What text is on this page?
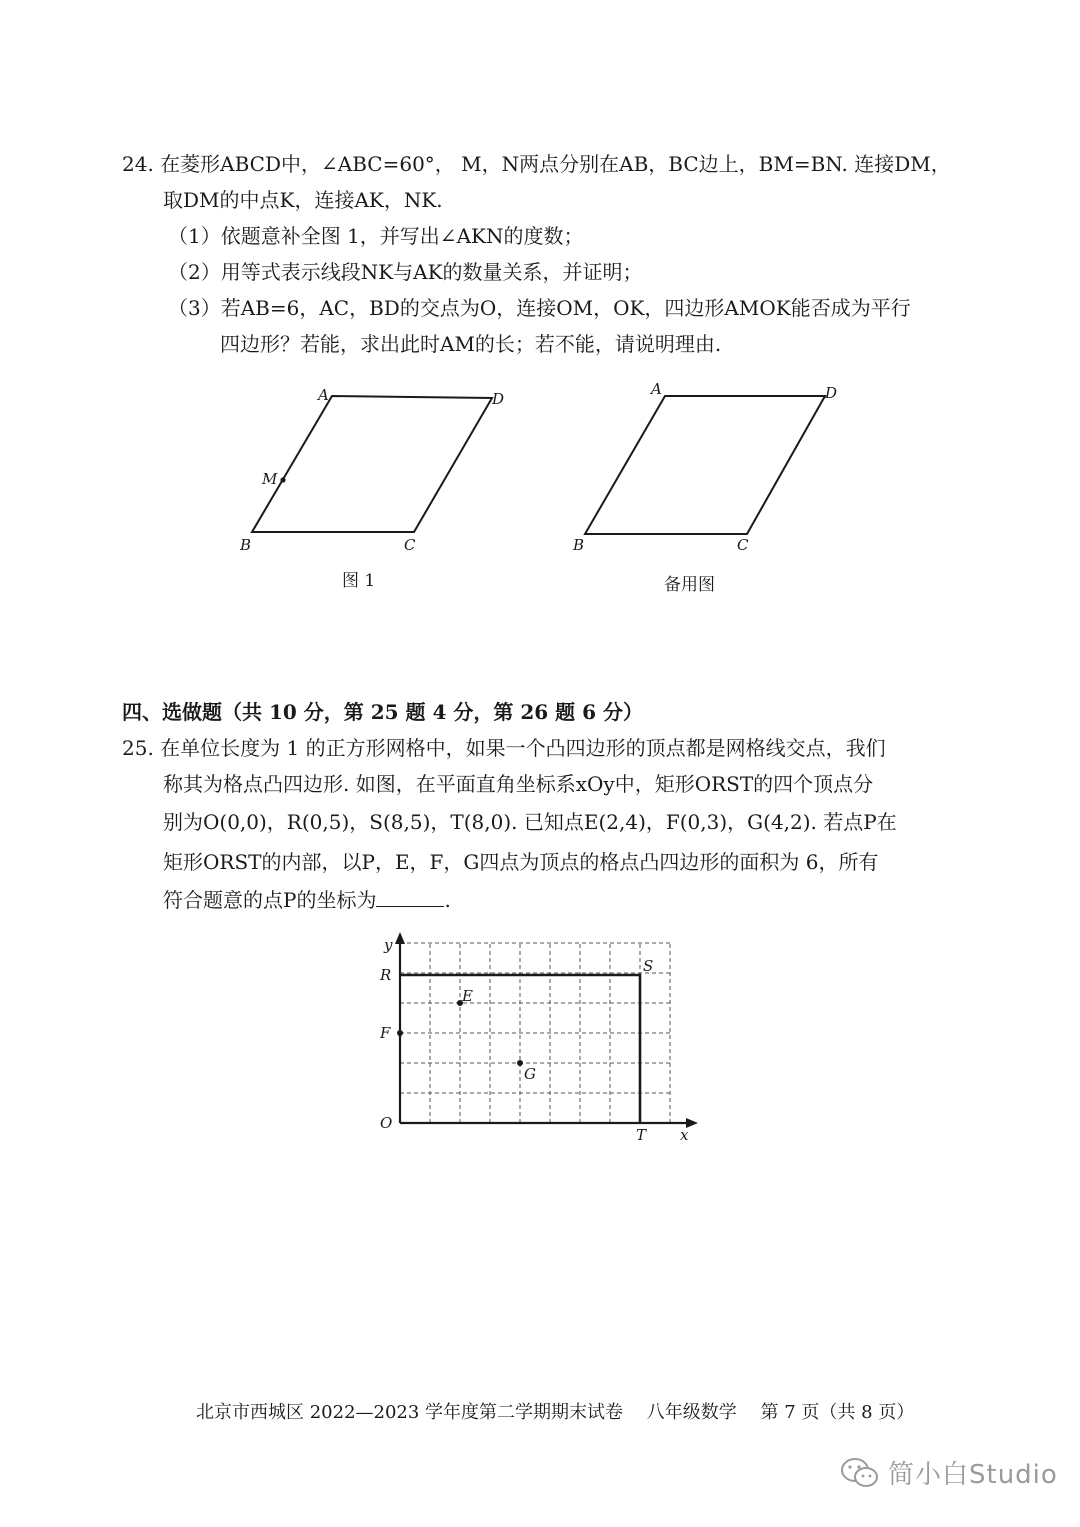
24. 在菱形ABCD中，∠ABC=60°， M，N两点分别在AB，BC边上，BM=BN. 连接DM，
取DM的中点K，连接AK，NK.
（1）依题意补全图 1，并写出∠AKN的度数；
（2）用等式表示线段NK与AK的数量关系，并证明；
（3）若AB=6，AC，BD的交点为O，连接OM，OK，四边形AMOK能否成为平行
四边形？若能，求出此时AM的长；若不能，请说明理由.
A	D
M
B	C
图 1
A	D
B	C
备用图
四、选做题（共 10 分，第 25 题 4 分，第 26 题 6 分）
25. 在单位长度为 1 的正方形网格中，如果一个凸四边形的顶点都是网格线交点，我们
称其为格点凸四边形. 如图，在平面直角坐标系xOy中，矩形ORST的四个顶点分
别为O(0,0)，R(0,5)，S(8,5)，T(8,0). 已知点E(2,4)，F(0,3)，G(4,2). 若点P在
矩形ORST的内部，以P，E，F，G四点为顶点的格点凸四边形的面积为 6，所有
符合题意的点P的坐标为	.
y
x
R	S
O
T
F
E
G
北京市西城区 2022—2023 学年度第二学期期末试卷 八年级数学 第 7 页（共 8 页）
简小白Studio
